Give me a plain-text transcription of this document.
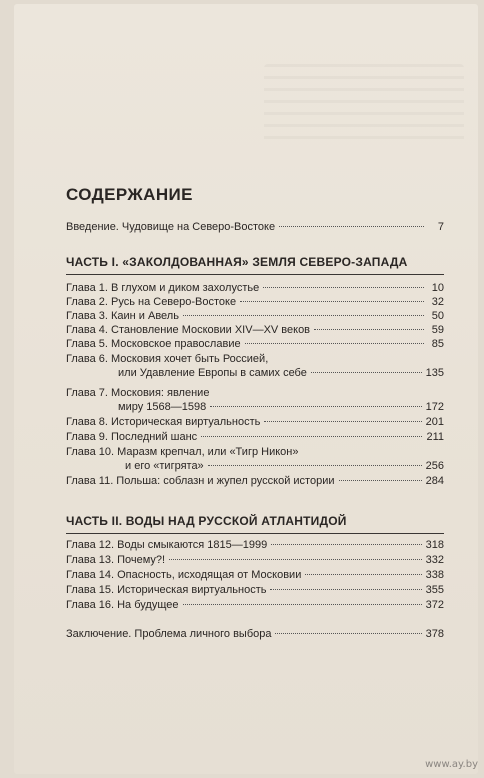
СОДЕРЖАНИЕ
Введение. Чудовище на Северо-Востоке	7
ЧАСТЬ I. «ЗАКОЛДОВАННАЯ» ЗЕМЛЯ СЕВЕРО-ЗАПАДА
Глава 1. В глухом и диком захолустье	10
Глава 2. Русь на Северо-Востоке	32
Глава 3. Каин и Авель	50
Глава 4. Становление Московии XIV—XV веков	59
Глава 5. Московское православие	85
Глава 6. Московия хочет быть Россией,
или Удавление Европы в самих себе	135
Глава 7. Московия: явление
миру 1568—1598	172
Глава 8. Историческая виртуальность	201
Глава 9. Последний шанс	211
Глава 10. Маразм крепчал, или «Тигр Никон»
и его «тигрята»	256
Глава 11. Польша: соблазн и жупел русской истории	284
ЧАСТЬ II. ВОДЫ НАД РУССКОЙ АТЛАНТИДОЙ
Глава 12. Воды смыкаются 1815—1999	318
Глава 13. Почему?!	332
Глава 14. Опасность, исходящая от Московии	338
Глава 15. Историческая виртуальность	355
Глава 16. На будущее	372
Заключение. Проблема личного выбора	378
www.ay.by
